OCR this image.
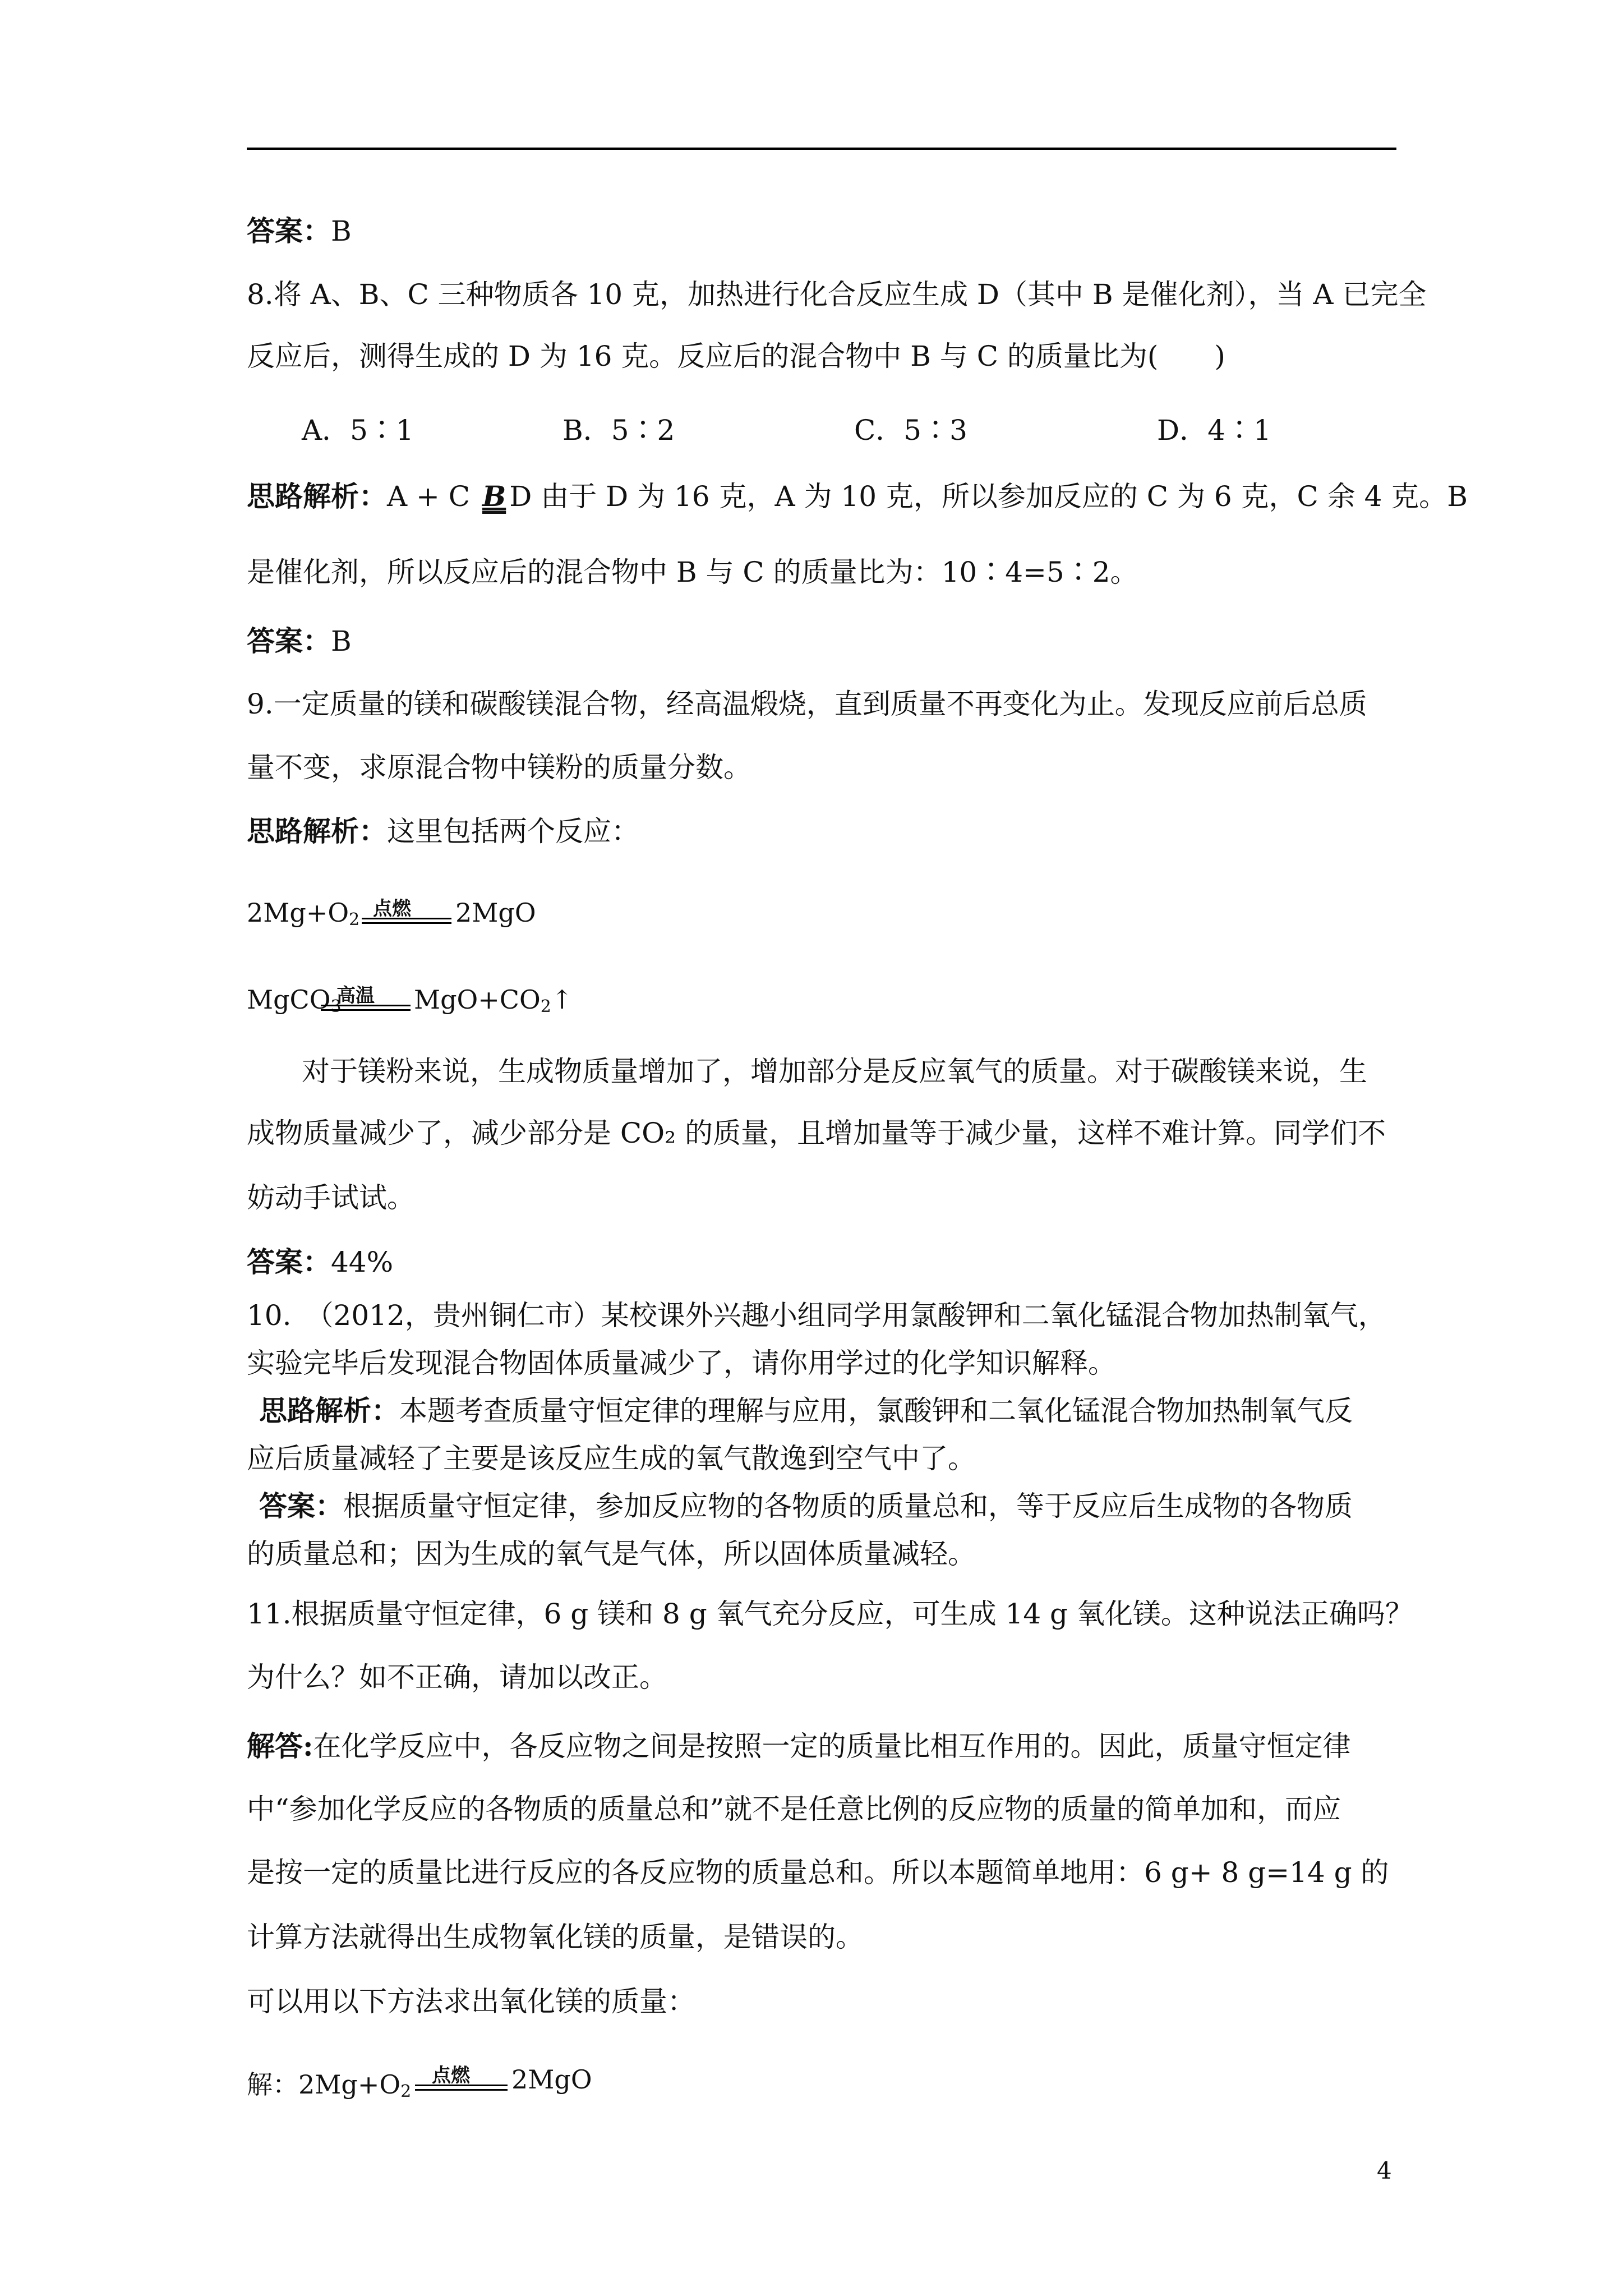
答案：B
8.将 A、B、C 三种物质各 10 克，加热进行化合反应生成 D（其中 B 是催化剂），当 A 已完全
反应后，测得生成的 D 为 16 克。反应后的混合物中 B 与 C 的质量比为(　　)
A．5∶1	B．5∶2	C．5∶3	D．4∶1
思路解析：A + C B D 由于 D 为 16 克，A 为 10 克，所以参加反应的 C 为 6 克，C 余 4 克。B
是催化剂，所以反应后的混合物中 B 与 C 的质量比为：10∶4=5∶2。
答案：B
9.一定质量的镁和碳酸镁混合物，经高温煅烧，直到质量不再变化为止。发现反应前后总质
量不变，求原混合物中镁粉的质量分数。
思路解析：这里包括两个反应：
$2Mg+O_2$ 点燃 2MgO
MgCO$_3$
高温 $MgO+CO_2↑$
对于镁粉来说，生成物质量增加了，增加部分是反应氧气的质量。对于碳酸镁来说，生
成物质量减少了，减少部分是 CO₂ 的质量，且增加量等于减少量，这样不难计算。同学们不
妨动手试试。
答案：44%
10.　（2012，贵州铜仁市）某校课外兴趣小组同学用氯酸钾和二氧化锰混合物加热制氧气，
实验完毕后发现混合物固体质量减少了，请你用学过的化学知识解释。
思路解析：本题考查质量守恒定律的理解与应用，氯酸钾和二氧化锰混合物加热制氧气反
应后质量减轻了主要是该反应生成的氧气散逸到空气中了。
答案：根据质量守恒定律，参加反应物的各物质的质量总和，等于反应后生成物的各物质
的质量总和；因为生成的氧气是气体，所以固体质量减轻。
11.根据质量守恒定律，6 g 镁和 8 g 氧气充分反应，可生成 14 g 氧化镁。这种说法正确吗？
为什么？如不正确，请加以改正。
解答:在化学反应中，各反应物之间是按照一定的质量比相互作用的。因此，质量守恒定律
中“参加化学反应的各物质的质量总和”就不是任意比例的反应物的质量的简单加和，而应
是按一定的质量比进行反应的各反应物的质量总和。所以本题简单地用：6 g+ 8 g=14 g 的
计算方法就得出生成物氧化镁的质量，是错误的。
可以用以下方法求出氧化镁的质量：
解：$2Mg+O_2$
点燃 2MgO
4
